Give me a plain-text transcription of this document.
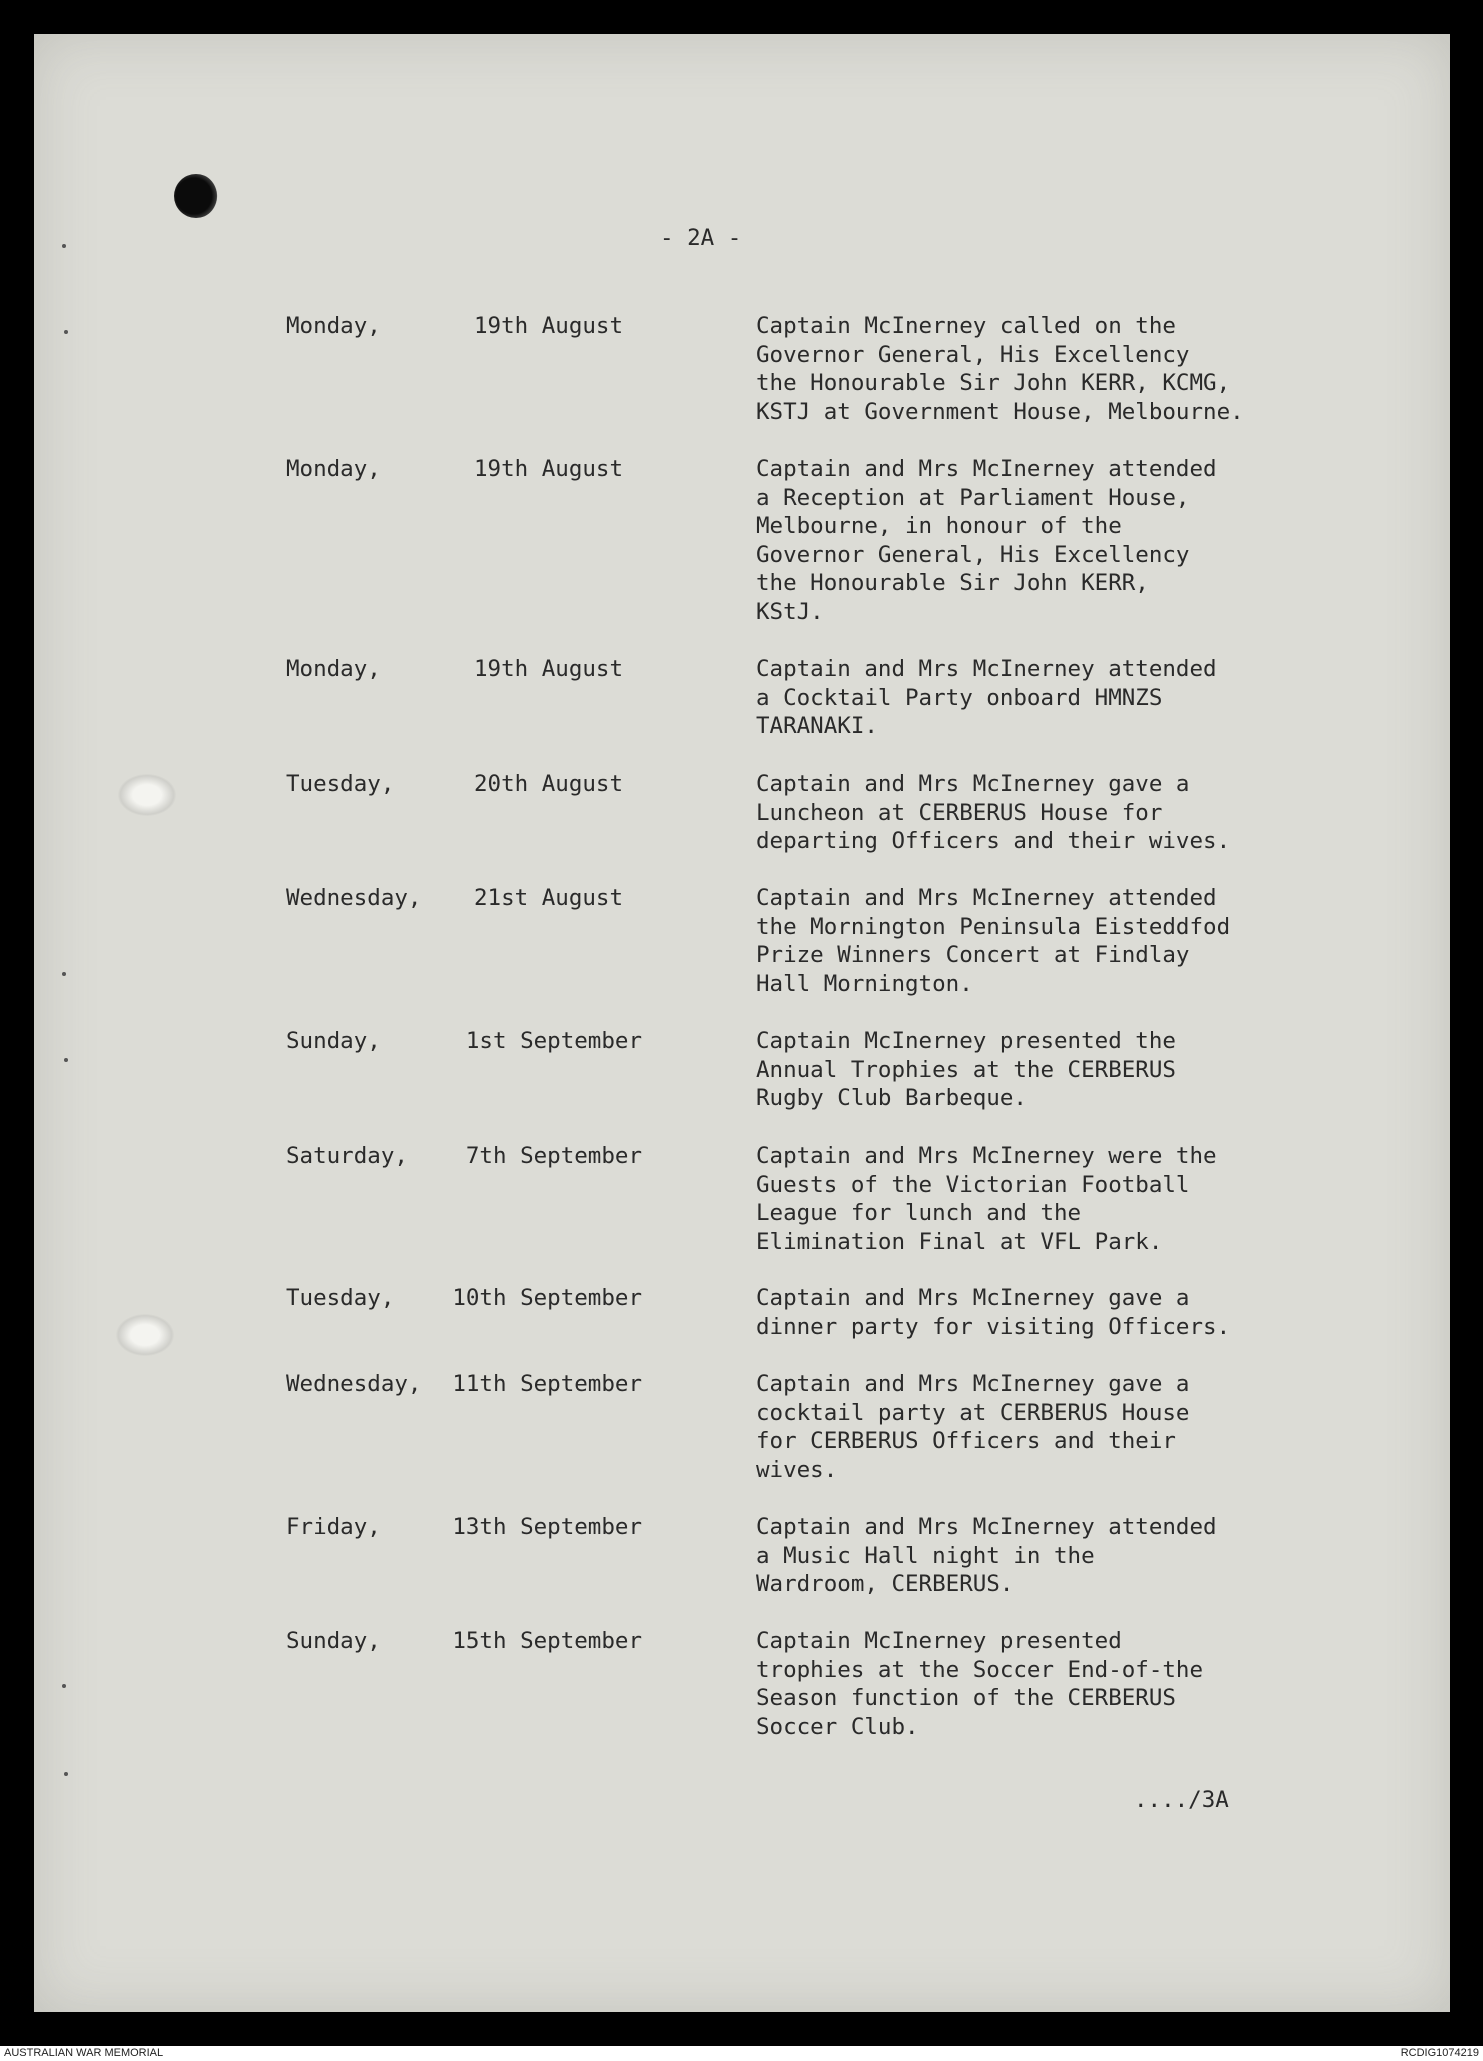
- 2A -
Monday,	19th August	Captain McInerney called on the
Governor General, His Excellency
the Honourable Sir John KERR, KCMG,
KSTJ at Government House, Melbourne.
Monday,	19th August	Captain and Mrs McInerney attended
a Reception at Parliament House,
Melbourne, in honour of the
Governor General, His Excellency
the Honourable Sir John KERR,
KStJ.
Monday,	19th August	Captain and Mrs McInerney attended
a Cocktail Party onboard HMNZS
TARANAKI.
Tuesday,	20th August	Captain and Mrs McInerney gave a
Luncheon at CERBERUS House for
departing Officers and their wives.
Wednesday, 21st August	Captain and Mrs McInerney attended
the Mornington Peninsula Eisteddfod
Prize Winners Concert at Findlay
Hall Mornington.
Sunday,	1st September	Captain McInerney presented the
Annual Trophies at the CERBERUS
Rugby Club Barbeque.
Saturday,	7th September	Captain and Mrs McInerney were the
Guests of the Victorian Football
League for lunch and the
Elimination Final at VFL Park.
Tuesday,	10th September	Captain and Mrs McInerney gave a
dinner party for visiting Officers.
Wednesday, 11th September	Captain and Mrs McInerney gave a
cocktail party at CERBERUS House
for CERBERUS Officers and their
wives.
Friday,	13th September	Captain and Mrs McInerney attended
a Music Hall night in the
Wardroom, CERBERUS.
Sunday,	15th September	Captain McInerney presented
trophies at the Soccer End-of-the
Season function of the CERBERUS
Soccer Club.
..../3A
AUSTRALIAN WAR MEMORIAL	RCDIG1074219
